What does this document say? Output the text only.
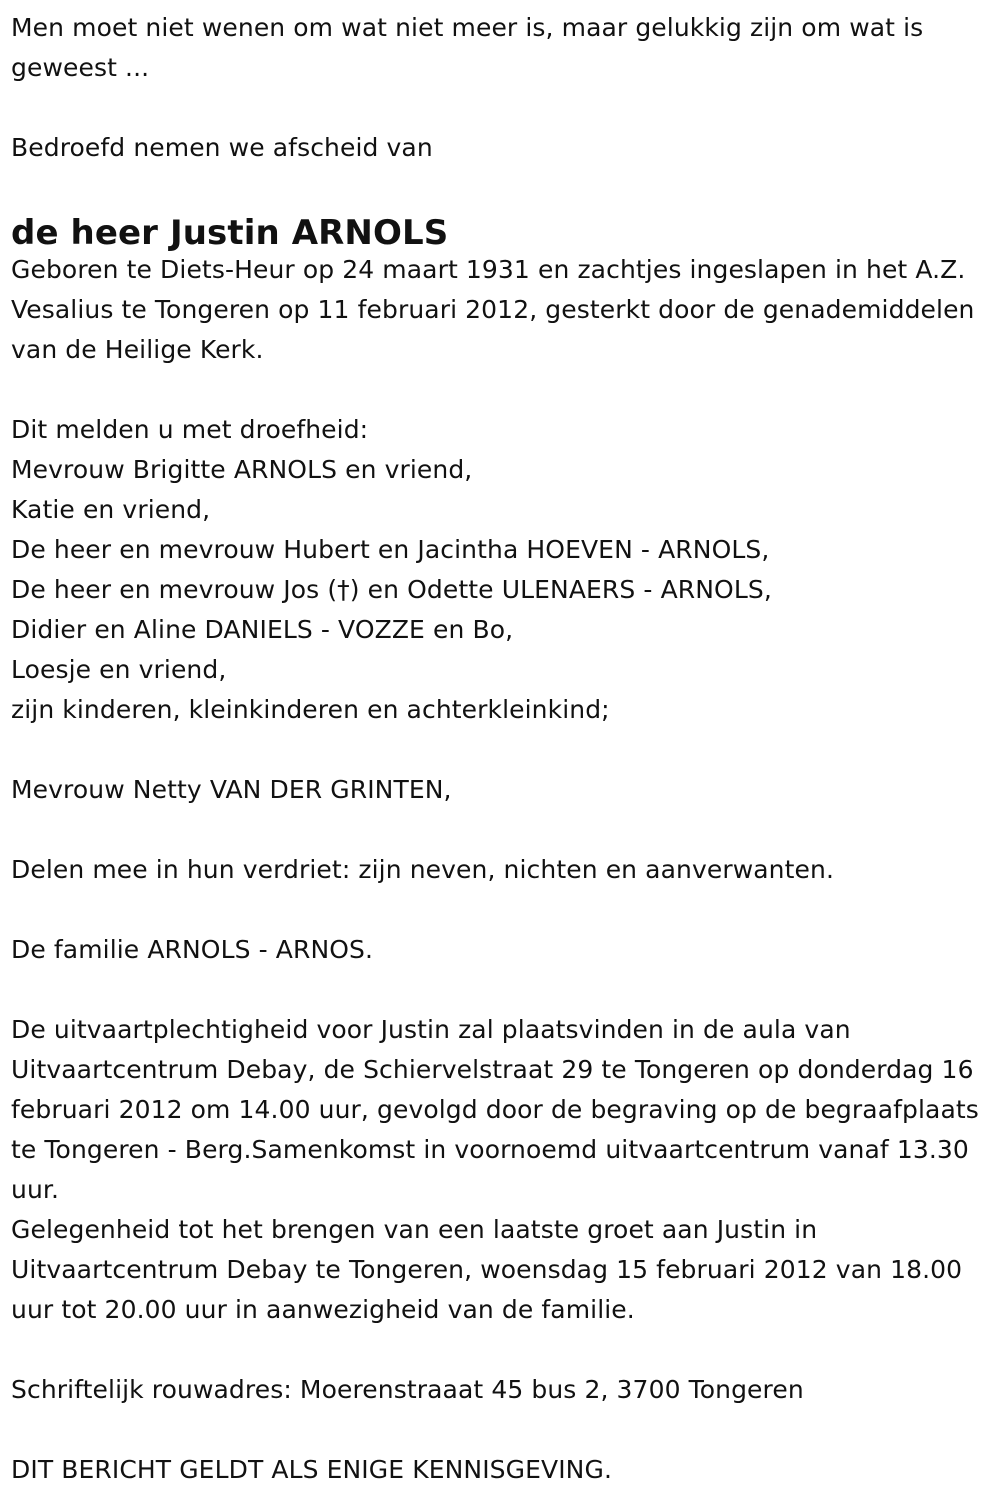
Men moet niet wenen om wat niet meer is, maar gelukkig zijn om wat is geweest ...
Bedroefd nemen we afscheid van
de heer Justin ARNOLS
Geboren te Diets-Heur op 24 maart 1931 en zachtjes ingeslapen in het A.Z. Vesalius te Tongeren op 11 februari 2012, gesterkt door de genademiddelen van de Heilige Kerk.
Dit melden u met droefheid:
Mevrouw Brigitte ARNOLS en vriend,
Katie en vriend,
De heer en mevrouw Hubert en Jacintha HOEVEN - ARNOLS,
De heer en mevrouw Jos (†) en Odette ULENAERS - ARNOLS,
Didier en Aline DANIELS - VOZZE en Bo,
Loesje en vriend,
zijn kinderen, kleinkinderen en achterkleinkind;
Mevrouw Netty VAN DER GRINTEN,
Delen mee in hun verdriet: zijn neven, nichten en aanverwanten.
De familie ARNOLS - ARNOS.
De uitvaartplechtigheid voor Justin zal plaatsvinden in de aula van Uitvaartcentrum Debay, de Schiervelstraat 29 te Tongeren op donderdag 16 februari 2012 om 14.00 uur, gevolgd door de begraving op de begraafplaats te Tongeren - Berg.Samenkomst in voornoemd uitvaartcentrum vanaf 13.30 uur.
Gelegenheid tot het brengen van een laatste groet aan Justin in Uitvaartcentrum Debay te Tongeren, woensdag 15 februari 2012 van 18.00 uur tot 20.00 uur in aanwezigheid van de familie.
Schriftelijk rouwadres: Moerenstraaat 45 bus 2, 3700 Tongeren
DIT BERICHT GELDT ALS ENIGE KENNISGEVING.
